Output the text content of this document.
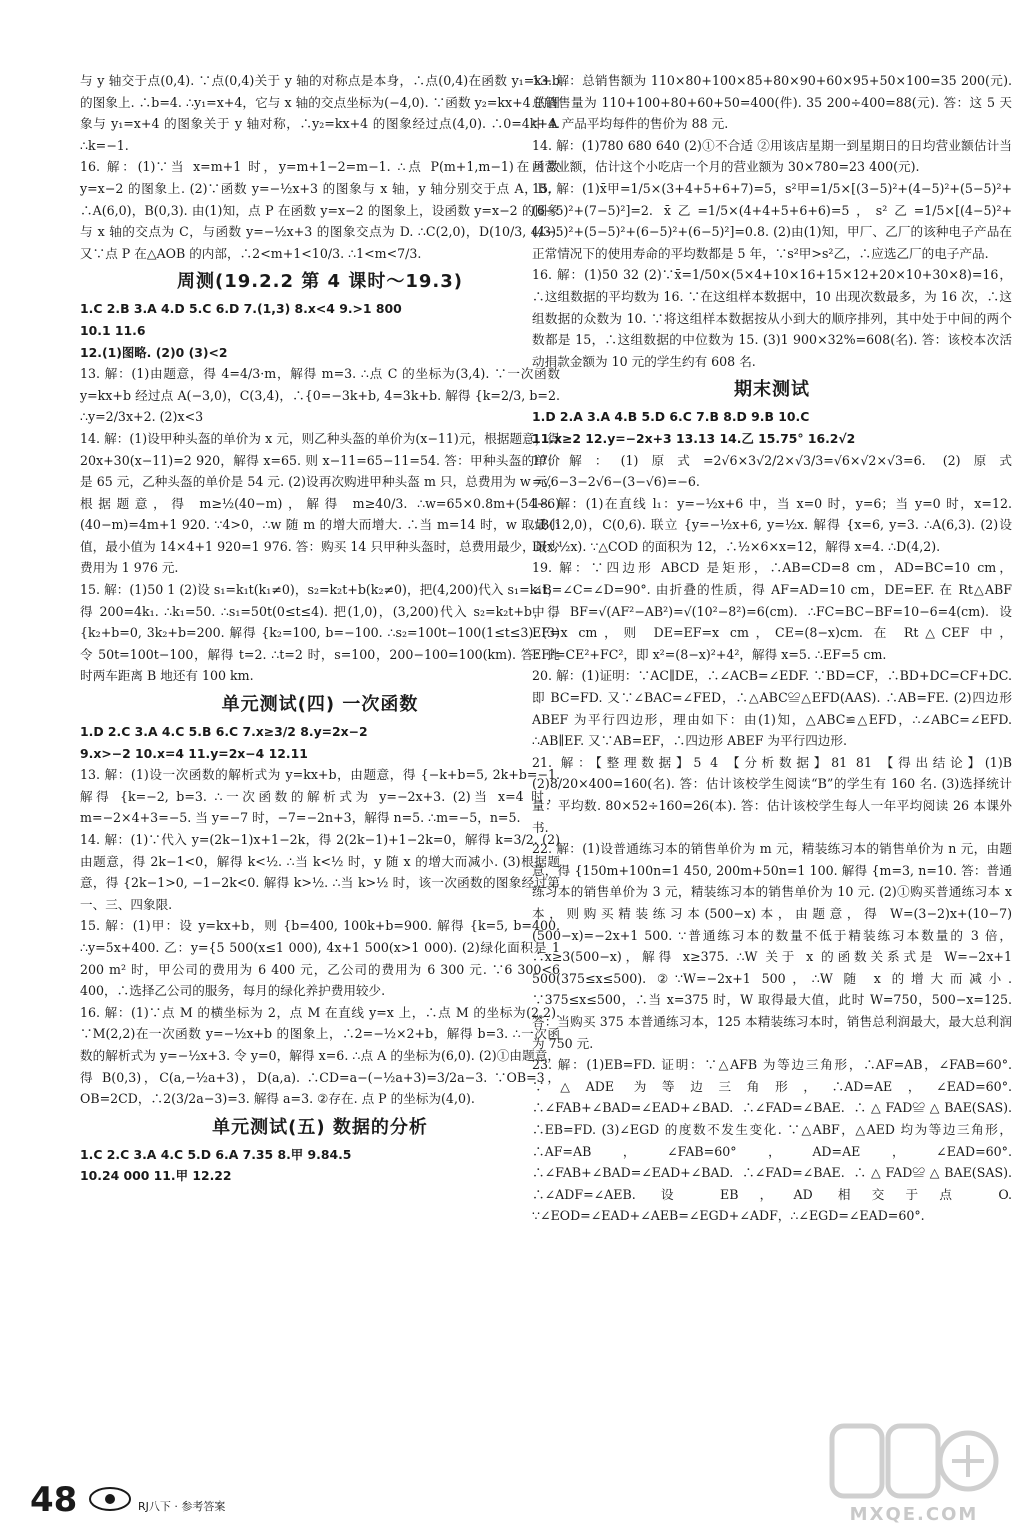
与 y 轴交于点(0,4). ∵点(0,4)关于 y 轴的对称点是本身，∴点(0,4)在函数 y₁=x+b 的图象上. ∴b=4. ∴y₁=x+4，它与 x 轴的交点坐标为(−4,0). ∵函数 y₂=kx+4 的图象与 y₁=x+4 的图象关于 y 轴对称，∴y₂=kx+4 的图象经过点(4,0). ∴0=4k+4. ∴k=−1.

16. 解：(1)∵当 x=m+1 时，y=m+1−2=m−1. ∴点 P(m+1,m−1)在函数 y=x−2 的图象上. (2)∵函数 y=−½x+3 的图象与 x 轴，y 轴分别交于点 A，B，∴A(6,0)，B(0,3). 由(1)知，点 P 在函数 y=x−2 的图象上，设函数 y=x−2 的图象与 x 轴的交点为 C，与函数 y=−½x+3 的图象交点为 D. ∴C(2,0)，D(10/3, 4/3). 又∵点 P 在△AOB 的内部，∴2<m+1<10/3. ∴1<m<7/3.

周测(19.2.2 第 4 课时～19.3)

1.C 2.B 3.A 4.D 5.C 6.D 7.(1,3) 8.x<4 9.>1 800

10.1 11.6

12.(1)图略. (2)0 (3)<2

13. 解：(1)由题意，得 4=4/3·m，解得 m=3. ∴点 C 的坐标为(3,4). ∵一次函数 y=kx+b 经过点 A(−3,0)，C(3,4)，∴{0=−3k+b, 4=3k+b. 解得 {k=2/3, b=2. ∴y=2/3x+2. (2)x<3

14. 解：(1)设甲种头盔的单价为 x 元，则乙种头盔的单价为(x−11)元，根据题意，得 20x+30(x−11)=2 920，解得 x=65. 则 x−11=65−11=54. 答：甲种头盔的单价是 65 元，乙种头盔的单价是 54 元. (2)设再次购进甲种头盔 m 只，总费用为 w 元，根据题意，得 m≥½(40−m)，解得 m≥40/3. ∴w=65×0.8m+(54−6)(40−m)=4m+1 920. ∵4>0，∴w 随 m 的增大而增大. ∴当 m=14 时，w 取最小值，最小值为 14×4+1 920=1 976. 答：购买 14 只甲种头盔时，总费用最少，最少费用为 1 976 元.

15. 解：(1)50 1 (2)设 s₁=k₁t(k₁≠0)，s₂=k₂t+b(k₂≠0)，把(4,200)代入 s₁=k₁t，得 200=4k₁. ∴k₁=50. ∴s₁=50t(0≤t≤4). 把(1,0)，(3,200)代入 s₂=k₂t+b，得 {k₂+b=0, 3k₂+b=200. 解得 {k₂=100, b=−100. ∴s₂=100t−100(1≤t≤3). (3)令 50t=100t−100，解得 t=2. ∴t=2 时，s=100，200−100=100(km). 答：此时两车距离 B 地还有 100 km.

单元测试(四) 一次函数

1.D 2.C 3.A 4.C 5.B 6.C 7.x≥3/2 8.y=2x−2

9.x>−2 10.x=4 11.y=2x−4 12.11

13. 解：(1)设一次函数的解析式为 y=kx+b，由题意，得 {−k+b=5, 2k+b=−1. 解得 {k=−2, b=3. ∴一次函数的解析式为 y=−2x+3. (2)当 x=4 时，m=−2×4+3=−5. 当 y=−7 时，−7=−2n+3，解得 n=5. ∴m=−5，n=5.

14. 解：(1)∵代入 y=(2k−1)x+1−2k，得 2(2k−1)+1−2k=0，解得 k=3/2. (2)由题意，得 2k−1<0，解得 k<½. ∴当 k<½ 时，y 随 x 的增大而减小. (3)根据题意，得 {2k−1>0, −1−2k<0. 解得 k>½. ∴当 k>½ 时，该一次函数的图象经过第一、三、四象限.

15. 解：(1)甲：设 y=kx+b，则 {b=400, 100k+b=900. 解得 {k=5, b=400. ∴y=5x+400. 乙：y={5 500(x≤1 000), 4x+1 500(x>1 000). (2)绿化面积是 1 200 m² 时，甲公司的费用为 6 400 元，乙公司的费用为 6 300 元. ∵6 300<6 400，∴选择乙公司的服务，每月的绿化养护费用较少.

16. 解：(1)∵点 M 的横坐标为 2，点 M 在直线 y=x 上，∴点 M 的坐标为(2,2). ∵M(2,2)在一次函数 y=−½x+b 的图象上，∴2=−½×2+b，解得 b=3. ∴一次函数的解析式为 y=−½x+3. 令 y=0，解得 x=6. ∴点 A 的坐标为(6,0). (2)①由题意，得 B(0,3)，C(a,−½a+3)，D(a,a). ∴CD=a−(−½a+3)=3/2a−3. ∵OB=3，OB=2CD，∴2(3/2a−3)=3. 解得 a=3. ②存在. 点 P 的坐标为(4,0).

单元测试(五) 数据的分析

1.C 2.C 3.A 4.C 5.D 6.A 7.35 8.甲 9.84.5

10.24 000 11.甲 12.22

13. 解：总销售额为 110×80+100×85+80×90+60×95+50×100=35 200(元). 总销售量为 110+100+80+60+50=400(件). 35 200÷400=88(元). 答：这 5 天中 A 产品平均每件的售价为 88 元.

14. 解：(1)780 680 640 (2)①不合适 ②用该店星期一到星期日的日均营业额估计当月营业额，估计这个小吃店一个月的营业额为 30×780=23 400(元).

15. 解：(1)x̄甲=1/5×(3+4+5+6+7)=5，s²甲=1/5×[(3−5)²+(4−5)²+(5−5)²+(6−5)²+(7−5)²]=2. x̄乙=1/5×(4+4+5+6+6)=5，s²乙=1/5×[(4−5)²+(4−5)²+(5−5)²+(6−5)²+(6−5)²]=0.8. (2)由(1)知，甲厂、乙厂的该种电子产品在正常情况下的使用寿命的平均数都是 5 年，∵s²甲>s²乙，∴应选乙厂的电子产品.

16. 解：(1)50 32 (2)∵x̄=1/50×(5×4+10×16+15×12+20×10+30×8)=16，∴这组数据的平均数为 16. ∵在这组样本数据中，10 出现次数最多，为 16 次，∴这组数据的众数为 10. ∵将这组样本数据按从小到大的顺序排列，其中处于中间的两个数都是 15，∴这组数据的中位数为 15. (3)1 900×32%=608(名). 答：该校本次活动捐款金额为 10 元的学生约有 608 名.

期末测试

1.D 2.A 3.A 4.B 5.D 6.C 7.B 8.D 9.B 10.C

11.x≥2 12.y=−2x+3 13.13 14.乙 15.75° 16.2√2

17. 解：(1)原式=2√6×3√2/2×√3/3=√6×√2×√3=6. (2)原式=√6−3−2√6−(3−√6)=−6.

18. 解：(1)在直线 l₁：y=−½x+6 中，当 x=0 时，y=6；当 y=0 时，x=12. ∴B(12,0)，C(0,6). 联立 {y=−½x+6, y=½x. 解得 {x=6, y=3. ∴A(6,3). (2)设 D(x,½x). ∵△COD 的面积为 12，∴½×6×x=12，解得 x=4. ∴D(4,2).

19. 解：∵四边形 ABCD 是矩形，∴AB=CD=8 cm，AD=BC=10 cm，∠B=∠C=∠D=90°. 由折叠的性质，得 AF=AD=10 cm，DE=EF. 在 Rt△ABF 中，BF=√(AF²−AB²)=√(10²−8²)=6(cm). ∴FC=BC−BF=10−6=4(cm). 设 EF=x cm，则 DE=EF=x cm，CE=(8−x)cm. 在 Rt△CEF 中，EF²=CE²+FC²，即 x²=(8−x)²+4²，解得 x=5. ∴EF=5 cm.

20. 解：(1)证明：∵AC∥DE，∴∠ACB=∠EDF. ∵BD=CF，∴BD+DC=CF+DC. 即 BC=FD. 又∵∠BAC=∠FED，∴△ABC≌△EFD(AAS). ∴AB=FE. (2)四边形 ABEF 为平行四边形，理由如下：由(1)知，△ABC≌△EFD，∴∠ABC=∠EFD. ∴AB∥EF. 又∵AB=EF，∴四边形 ABEF 为平行四边形.

21. 解：【整理数据】5 4 【分析数据】81 81 【得出结论】(1)B (2)8/20×400=160(名). 答：估计该校学生阅读“B”的学生有 160 名. (3)选择统计量：平均数. 80×52÷160=26(本). 答：估计该校学生每人一年平均阅读 26 本课外书.

22. 解：(1)设普通练习本的销售单价为 m 元，精装练习本的销售单价为 n 元，由题意，得 {150m+100n=1 450, 200m+50n=1 100. 解得 {m=3, n=10. 答：普通练习本的销售单价为 3 元，精装练习本的销售单价为 10 元. (2)①购买普通练习本 x 本，则购买精装练习本(500−x)本，由题意，得 W=(3−2)x+(10−7)(500−x)=−2x+1 500. ∵普通练习本的数量不低于精装练习本数量的 3 倍，∴x≥3(500−x)，解得 x≥375. ∴W 关于 x 的函数关系式是 W=−2x+1 500(375≤x≤500). ②∵W=−2x+1 500，∴W 随 x 的增大而减小. ∵375≤x≤500，∴当 x=375 时，W 取得最大值，此时 W=750，500−x=125. 答：当购买 375 本普通练习本，125 本精装练习本时，销售总利润最大，最大总利润为 750 元.

23. 解：(1)EB=FD. 证明：∵△AFB 为等边三角形，∴AF=AB，∠FAB=60°. ∵△ADE 为等边三角形，∴AD=AE，∠EAD=60°. ∴∠FAB+∠BAD=∠EAD+∠BAD. ∴∠FAD=∠BAE. ∴△FAD≌△BAE(SAS). ∴EB=FD. (3)∠EGD 的度数不发生变化. ∵△ABF，△AED 均为等边三角形，∴AF=AB，∠FAB=60°，AD=AE，∠EAD=60°. ∴∠FAB+∠BAD=∠EAD+∠BAD. ∴∠FAD=∠BAE. ∴△FAD≌△BAE(SAS). ∴∠ADF=∠AEB. 设 EB，AD 相交于点 O. ∵∠EOD=∠EAD+∠AEB=∠EGD+∠ADF，∴∠EGD=∠EAD=60°.

48	RJ八下 · 参考答案	MXQE.COM
